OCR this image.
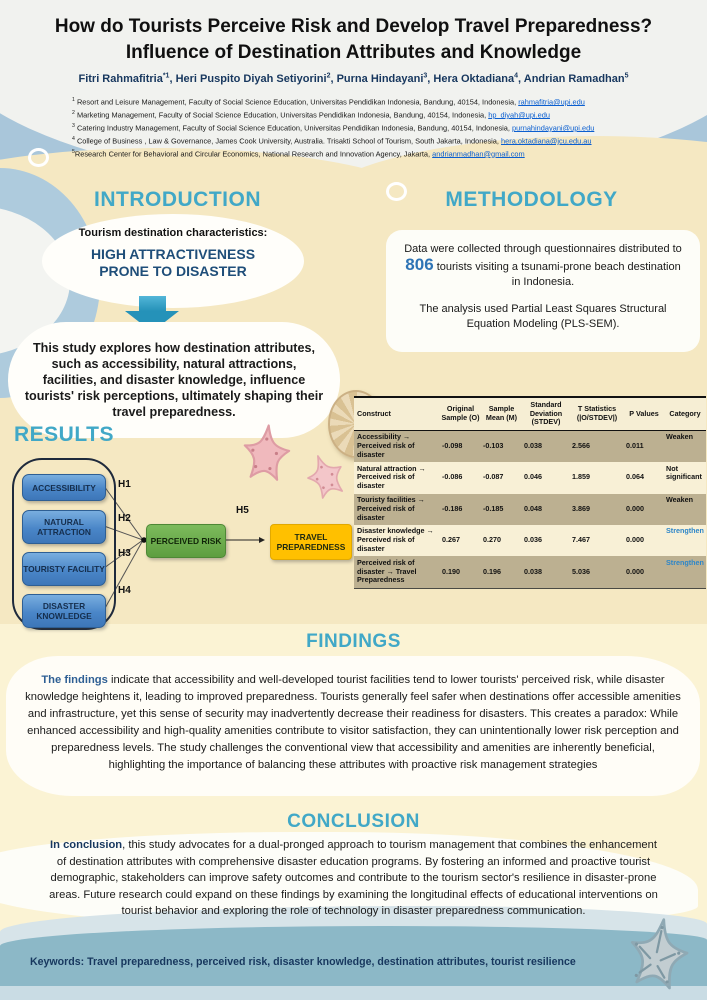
How do Tourists Perceive Risk and Develop Travel Preparedness?
Influence of Destination Attributes and Knowledge
Fitri Rahmafitria$^{*1}$, Heri Puspito Diyah Setiyorini$^2$, Purna Hindayani$^3$, Hera Oktadiana$^4$, Andrian Ramadhan$^5$
$^1$ Resort and Leisure Management, Faculty of Social Science Education, Universitas Pendidikan Indonesia, Bandung, 40154, Indonesia, rahmafitria@upi.edu
$^2$ Marketing Management, Faculty of Social Science Education, Universitas Pendidikan Indonesia, Bandung, 40154, Indonesia, hp_diyah@upi.edu
$^3$ Catering Industry Management, Faculty of Social Science Education, Universitas Pendidikan Indonesia, Bandung, 40154, Indonesia, purnahindayani@upi.edu
$^4$ College of Business , Law & Governance, James Cook University, Australia. Trisakti School of Tourism, South Jakarta, Indonesia, hera.oktadiana@jcu.edu.au
$^5$Research Center for Behavioral and Circular Economics, National Research and Innovation Agency, Jakarta, andrianmadhan@gmail.com
INTRODUCTION
Tourism destination characteristics:
HIGH ATTRACTIVENESS
PRONE TO DISASTER
This study explores how destination attributes, such as accessibility, natural attractions, facilities, and disaster knowledge, influence tourists' risk perceptions, ultimately shaping their travel preparedness.
METHODOLOGY
Data were collected through questionnaires distributed to 806 tourists visiting a tsunami-prone beach destination in Indonesia.
The analysis used Partial Least Squares Structural Equation Modeling (PLS-SEM).
RESULTS
ACCESSIBILITY
NATURAL ATTRACTION
TOURISTY FACILITY
DISASTER KNOWLEDGE
H1
H2
H3
H4
H5
PERCEIVED RISK	TRAVEL PREPAREDNESS
Construct	Original Sample (O)	Sample Mean (M)	Standard Deviation (STDEV)	T Statistics (|O/STDEV|)	P Values	Category
Accessibility → Perceived risk of disaster	-0.098	-0.103	0.038	2.566	0.011	Weaken
Natural attraction → Perceived risk of disaster	-0.086	-0.087	0.046	1.859	0.064	Not significant
Touristy facilities → Perceived risk of disaster	-0.186	-0.185	0.048	3.869	0.000	Weaken
Disaster knowledge → Perceived risk of disaster	0.267	0.270	0.036	7.467	0.000	Strengthen
Perceived risk of disaster → Travel Preparedness	0.190	0.196	0.038	5.036	0.000	Strengthen
FINDINGS
The findings indicate that accessibility and well-developed tourist facilities tend to lower tourists' perceived risk, while disaster knowledge heightens it, leading to improved preparedness. Tourists generally feel safer when destinations offer accessible amenities and infrastructure, yet this sense of security may inadvertently decrease their readiness for disasters. This creates a paradox: While enhanced accessibility and high-quality amenities contribute to visitor satisfaction, they can unintentionally lower risk perception and preparedness levels. The study challenges the conventional view that accessibility and amenities are inherently beneficial, highlighting the importance of balancing these attributes with proactive risk management strategies
CONCLUSION
In conclusion, this study advocates for a dual-pronged approach to tourism management that combines the enhancement of destination attributes with comprehensive disaster education programs. By fostering an informed and proactive tourist demographic, stakeholders can improve safety outcomes and contribute to the tourism sector's resilience in disaster-prone areas. Future research could expand on these findings by examining the longitudinal effects of educational interventions on tourist behavior and exploring the role of technology in disaster preparedness communication.
Keywords: Travel preparedness, perceived risk, disaster knowledge, destination attributes, tourist resilience
